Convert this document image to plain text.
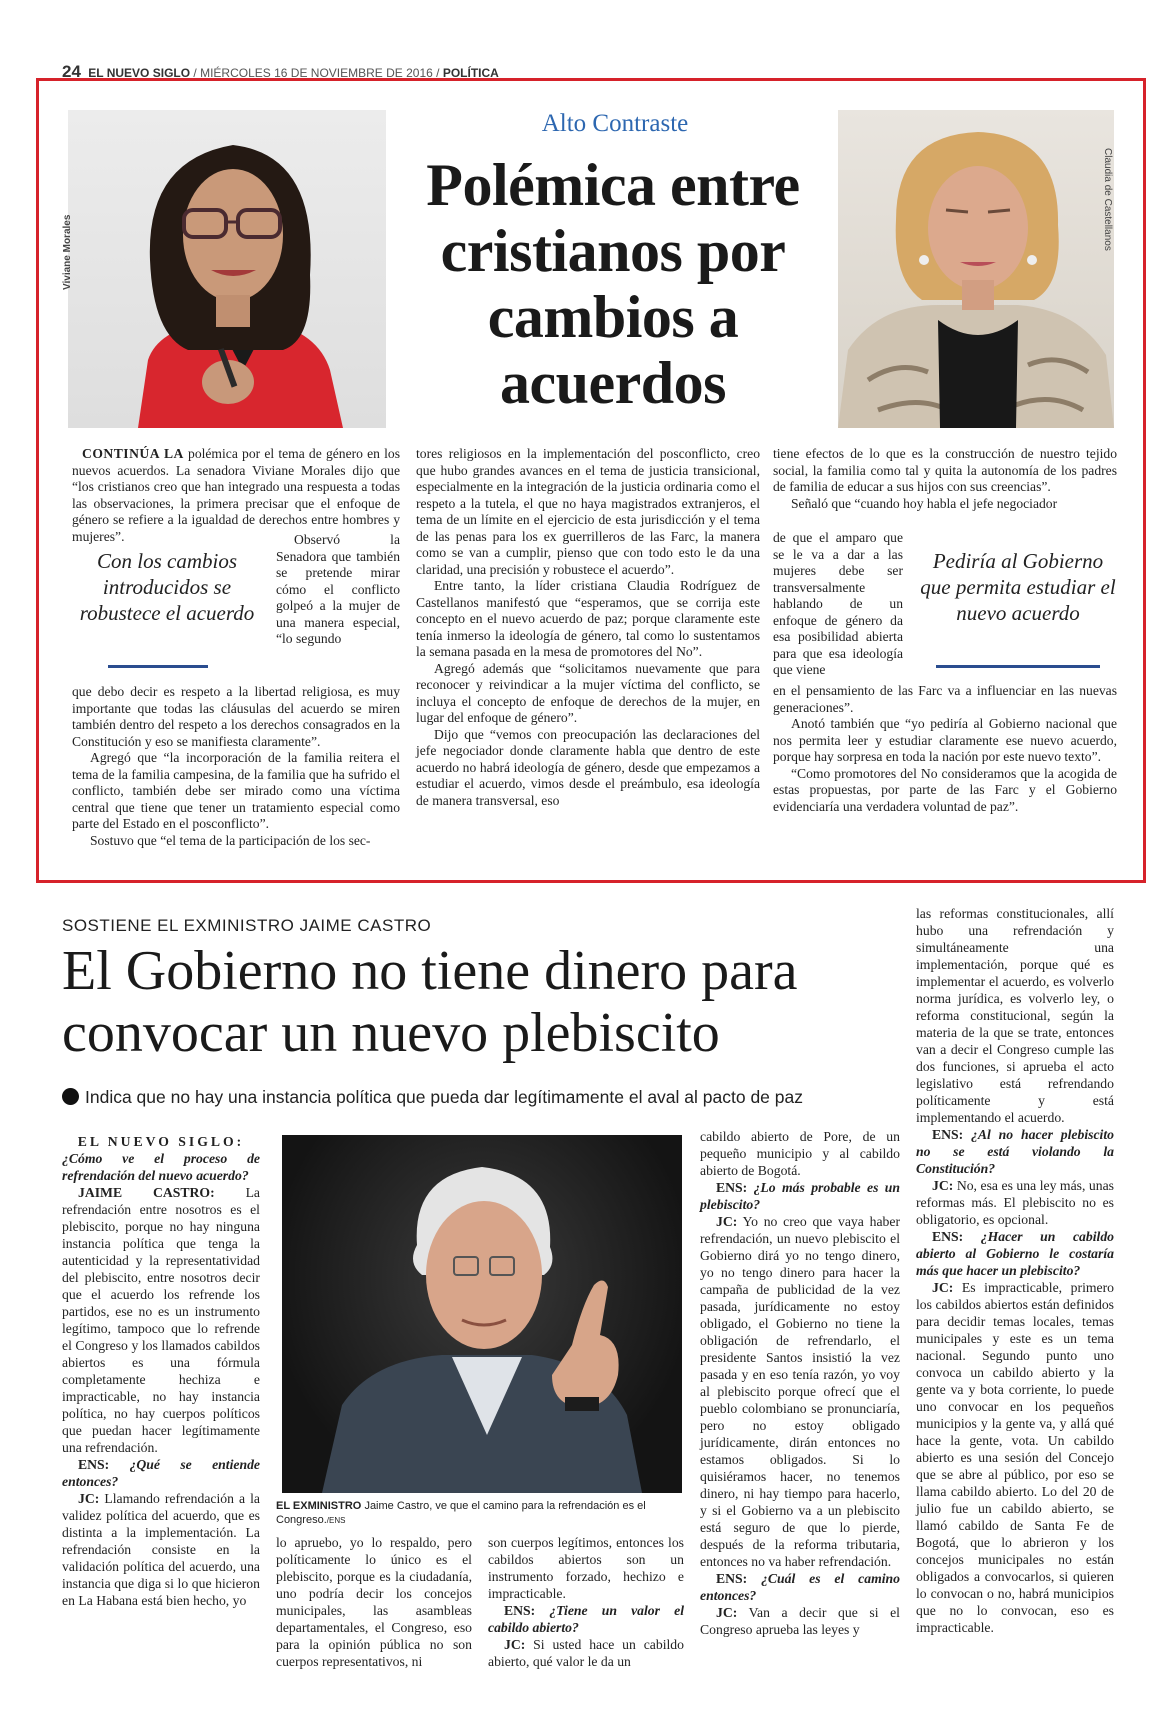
24 EL NUEVO SIGLO / MIÉRCOLES 16 DE NOVIEMBRE DE 2016 / POLÍTICA
Viviane Morales
Claudia de Castellanos
Alto Contraste
Polémica entre cristianos por cambios a acuerdos

CONTINÚA LA polémica por el tema de género en los nuevos acuerdos. La senadora Viviane Morales dijo que “los cristianos creo que han integrado una respuesta a todas las observaciones, la primera precisar que el enfoque de género se refiere a la igualdad de derechos entre hombres y mujeres”.

Con los cambios introducidos se robustece el acuerdo

Observó la Senadora que también se pretende mirar cómo el conflicto golpeó a la mujer de una manera especial, “lo segundo

que debo decir es respeto a la libertad religiosa, es muy importante que todas las cláusulas del acuerdo se miren también dentro del respeto a los derechos consagrados en la Constitución y eso se manifiesta claramente”.

Agregó que “la incorporación de la familia reitera el tema de la familia campesina, de la familia que ha sufrido el conflicto, también debe ser mirado como una víctima central que tiene que tener un tratamiento especial como parte del Estado en el posconflicto”.

Sostuvo que “el tema de la participación de los sec-

tores religiosos en la implementación del posconflicto, creo que hubo grandes avances en el tema de justicia transicional, especialmente en la integración de la justicia ordinaria como el respeto a la tutela, el que no haya magistrados extranjeros, el tema de un límite en el ejercicio de esta jurisdicción y el tema de las penas para los ex guerrilleros de las Farc, la manera como se van a cumplir, pienso que con todo esto le da una claridad, una precisión y robustece el acuerdo”.

Entre tanto, la líder cristiana Claudia Rodríguez de Castellanos manifestó que “esperamos, que se corrija este concepto en el nuevo acuerdo de paz; porque claramente este tenía inmerso la ideología de género, tal como lo sustentamos la semana pasada en la mesa de promotores del No”.

Agregó además que “solicitamos nuevamente que para reconocer y reivindicar a la mujer víctima del conflicto, se incluya el concepto de enfoque de derechos de la mujer, en lugar del enfoque de género”.

Dijo que “vemos con preocupación las declaraciones del jefe negociador donde claramente habla que dentro de este acuerdo no habrá ideología de género, desde que empezamos a estudiar el acuerdo, vimos desde el preámbulo, esa ideología de manera transversal, eso

tiene efectos de lo que es la construcción de nuestro tejido social, la familia como tal y quita la autonomía de los padres de familia de educar a sus hijos con sus creencias”.

Señaló que “cuando hoy habla el jefe negociador

de que el amparo que se le va a dar a las mujeres debe ser transversalmente hablando de un enfoque de género da esa posibilidad abierta para que esa ideología que viene

Pediría al Gobierno que permita estudiar el nuevo acuerdo

en el pensamiento de las Farc va a influenciar en las nuevas generaciones”.

Anotó también que “yo pediría al Gobierno nacional que nos permita leer y estudiar claramente ese nuevo acuerdo, porque hay sorpresa en toda la nación por este nuevo texto”.

“Como promotores del No consideramos que la acogida de estas propuestas, por parte de las Farc y el Gobierno evidenciaría una verdadera voluntad de paz”.

SOSTIENE EL EXMINISTRO JAIME CASTRO
El Gobierno no tiene dinero para convocar un nuevo plebiscito
Indica que no hay una instancia política que pueda dar legítimamente el aval al pacto de paz

EL NUEVO SIGLO:
¿Cómo ve el proceso de refrendación del nuevo acuerdo?

JAIME CASTRO: La refrendación entre nosotros es el plebiscito, porque no hay ninguna instancia política que tenga la autenticidad y la representatividad del plebiscito, entre nosotros decir que el acuerdo los refrende los partidos, ese no es un instrumento legítimo, tampoco que lo refrende el Congreso y los llamados cabildos abiertos es una fórmula completamente hechiza e impracticable, no hay instancia política, no hay cuerpos políticos que puedan hacer legítimamente una refrendación.

ENS: ¿Qué se entiende entonces?

JC: Llamando refrendación a la validez política del acuerdo, que es distinta a la implementación. La refrendación consiste en la validación política del acuerdo, una instancia que diga si lo que hicieron en La Habana está bien hecho, yo

EL EXMINISTRO Jaime Castro, ve que el camino para la refrendación es el Congreso./ENS

lo apruebo, yo lo respaldo, pero políticamente lo único es el plebiscito, porque es la ciudadanía, uno podría decir los concejos municipales, las asambleas departamentales, el Congreso, eso para la opinión pública no son cuerpos representativos, ni

son cuerpos legítimos, entonces los cabildos abiertos son un instrumento forzado, hechizo e impracticable.

ENS: ¿Tiene un valor el cabildo abierto?

JC: Si usted hace un cabildo abierto, qué valor le da un

cabildo abierto de Pore, de un pequeño municipio y al cabildo abierto de Bogotá.

ENS: ¿Lo más probable es un plebiscito?

JC: Yo no creo que vaya haber refrendación, un nuevo plebiscito el Gobierno dirá yo no tengo dinero, yo no tengo dinero para hacer la campaña de publicidad de la vez pasada, jurídicamente no estoy obligado, el Gobierno no tiene la obligación de refrendarlo, el presidente Santos insistió la vez pasada y en eso tenía razón, yo voy al plebiscito porque ofrecí que el pueblo colombiano se pronunciaría, pero no estoy obligado jurídicamente, dirán entonces no estamos obligados. Si lo quisiéramos hacer, no tenemos dinero, ni hay tiempo para hacerlo, y si el Gobierno va a un plebiscito está seguro de que lo pierde, después de la reforma tributaria, entonces no va haber refrendación.

ENS: ¿Cuál es el camino entonces?

JC: Van a decir que si el Congreso aprueba las leyes y

las reformas constitucionales, allí hubo una refrendación y simultáneamente una implementación, porque qué es implementar el acuerdo, es volverlo norma jurídica, es volverlo ley, o reforma constitucional, según la materia de la que se trate, entonces van a decir el Congreso cumple las dos funciones, si aprueba el acto legislativo está refrendando políticamente y está implementando el acuerdo.

ENS: ¿Al no hacer plebiscito no se está violando la Constitución?

JC: No, esa es una ley más, unas reformas más. El plebiscito no es obligatorio, es opcional.

ENS: ¿Hacer un cabildo abierto al Gobierno le costaría más que hacer un plebiscito?

JC: Es impracticable, primero los cabildos abiertos están definidos para decidir temas locales, temas municipales y este es un tema nacional. Segundo punto uno convoca un cabildo abierto y la gente va y bota corriente, lo puede uno convocar en los pequeños municipios y la gente va, y allá qué hace la gente, vota. Un cabildo abierto es una sesión del Concejo que se abre al público, por eso se llama cabildo abierto. Lo del 20 de julio fue un cabildo abierto, se llamó cabildo de Santa Fe de Bogotá, que lo abrieron y los concejos municipales no están obligados a convocarlos, si quieren lo convocan o no, habrá municipios que no lo convocan, eso es impracticable.
